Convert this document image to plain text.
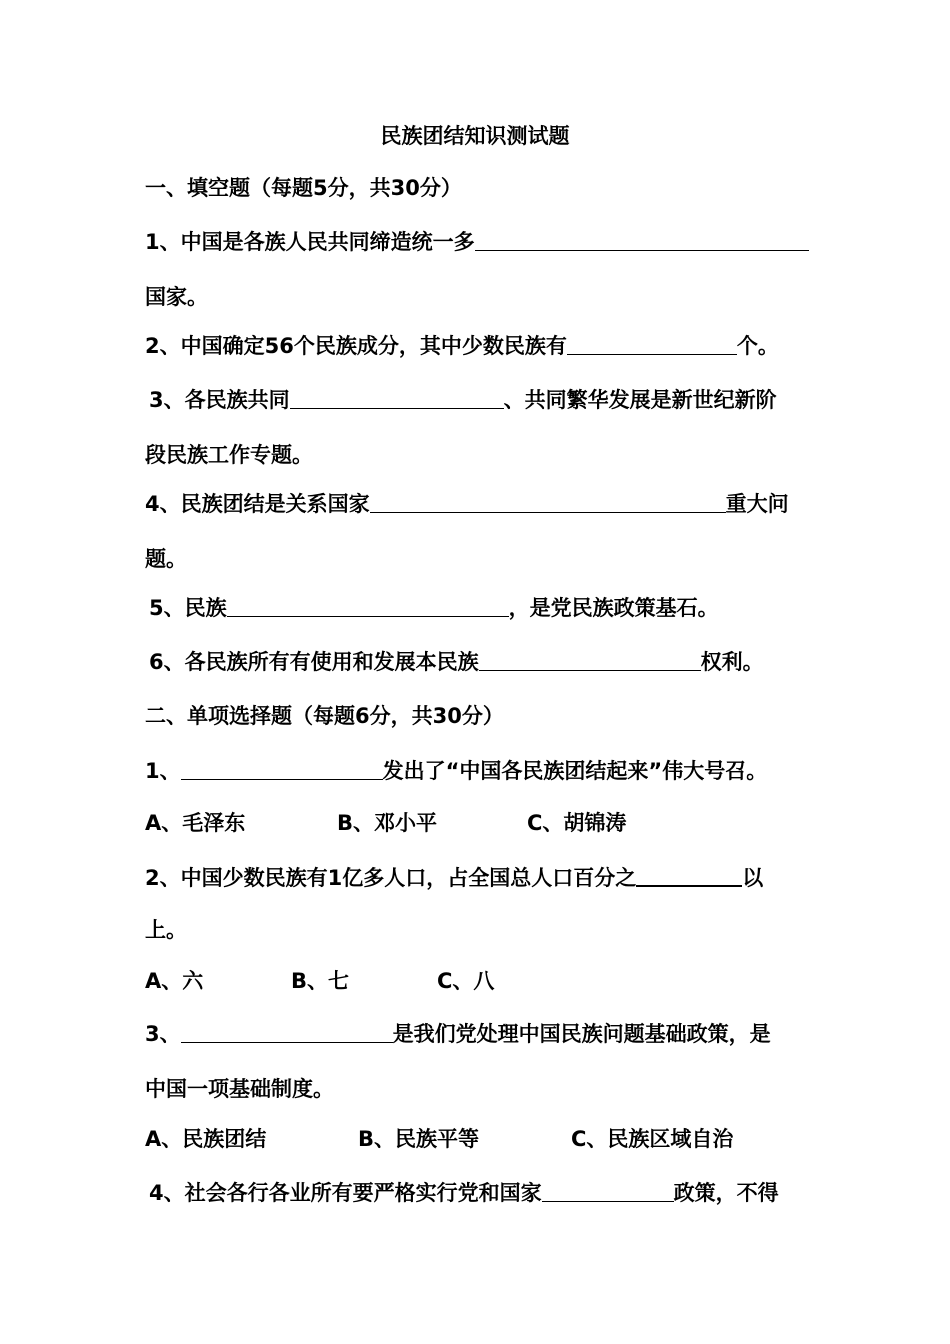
民族团结知识测试题
一、填空题（每题5分，共30分）
1、中国是各族人民共同缔造统一多
国家。
2、中国确定56个民族成分，其中少数民族有	个。
3、各民族共同	、共同繁华发展是新世纪新阶
段民族工作专题。
4、民族团结是关系国家	重大问
题。
5、民族	，是党民族政策基石。
6、各民族所有有使用和发展本民族	权利。
二、单项选择题（每题6分，共30分）
1、	发出了“中国各民族团结起来”伟大号召。
A、毛泽东	B、邓小平	C、胡锦涛
2、中国少数民族有1亿多人口，占全国总人口百分之	以
上。
A、六	B、七	C、八
3、	是我们党处理中国民族问题基础政策，是
中国一项基础制度。
A、民族团结	B、民族平等	C、民族区域自治
4、社会各行各业所有要严格实行党和国家	政策，不得
